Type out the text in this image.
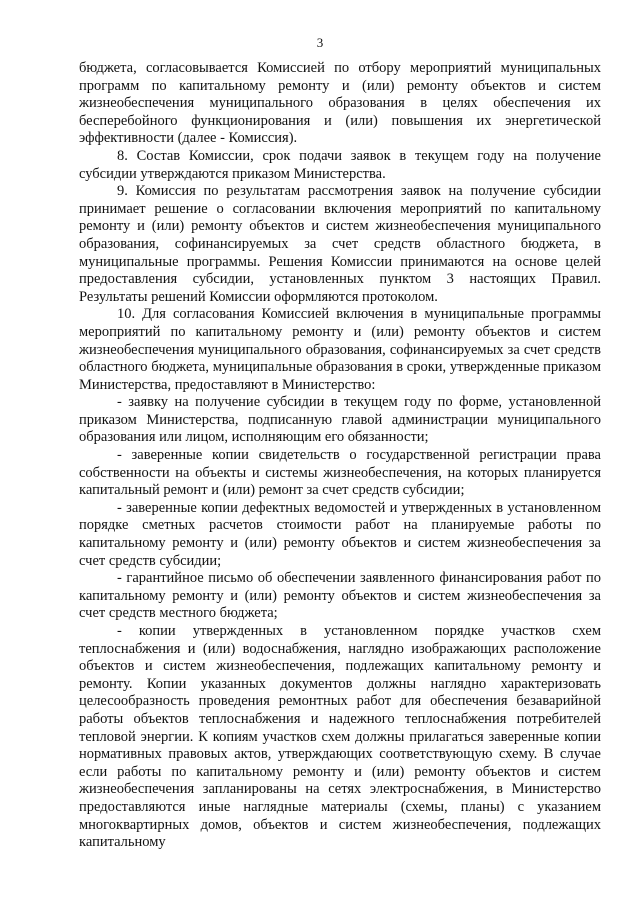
3

бюджета, согласовывается Комиссией по отбору мероприятий муниципальных программ по капитальному ремонту и (или) ремонту объектов и систем жизнеобеспечения муниципального образования в целях обеспечения их бесперебойного функционирования и (или) повышения их энергетической эффективности (далее - Комиссия).

8. Состав Комиссии, срок подачи заявок в текущем году на получение субсидии утверждаются приказом Министерства.

9. Комиссия по результатам рассмотрения заявок на получение субсидии принимает решение о согласовании включения мероприятий по капитальному ремонту и (или) ремонту объектов и систем жизнеобеспечения муниципального образования, софинансируемых за счет средств областного бюджета, в муниципальные программы. Решения Комиссии принимаются на основе целей предоставления субсидии, установленных пунктом 3 настоящих Правил. Результаты решений Комиссии оформляются протоколом.

10. Для согласования Комиссией включения в муниципальные программы мероприятий по капитальному ремонту и (или) ремонту объектов и систем жизнеобеспечения муниципального образования, софинансируемых за счет средств областного бюджета, муниципальные образования в сроки, утвержденные приказом Министерства, предоставляют в Министерство:

- заявку на получение субсидии в текущем году по форме, установленной приказом Министерства, подписанную главой администрации муниципального образования или лицом, исполняющим его обязанности;

- заверенные копии свидетельств о государственной регистрации права собственности на объекты и системы жизнеобеспечения, на которых планируется капитальный ремонт и (или) ремонт за счет средств субсидии;

- заверенные копии дефектных ведомостей и утвержденных в установленном порядке сметных расчетов стоимости работ на планируемые работы по капитальному ремонту и (или) ремонту объектов и систем жизнеобеспечения за счет средств субсидии;

- гарантийное письмо об обеспечении заявленного финансирования работ по капитальному ремонту и (или) ремонту объектов и систем жизнеобеспечения за счет средств местного бюджета;

- копии утвержденных в установленном порядке участков схем теплоснабжения и (или) водоснабжения, наглядно изображающих расположение объектов и систем жизнеобеспечения, подлежащих капитальному ремонту и ремонту. Копии указанных документов должны наглядно характеризовать целесообразность проведения ремонтных работ для обеспечения безаварийной работы объектов теплоснабжения и надежного теплоснабжения потребителей тепловой энергии. К копиям участков схем должны прилагаться заверенные копии нормативных правовых актов, утверждающих соответствующую схему. В случае если работы по капитальному ремонту и (или) ремонту объектов и систем жизнеобеспечения запланированы на сетях электроснабжения, в Министерство предоставляются иные наглядные материалы (схемы, планы) с указанием многоквартирных домов, объектов и систем жизнеобеспечения, подлежащих капитальному
